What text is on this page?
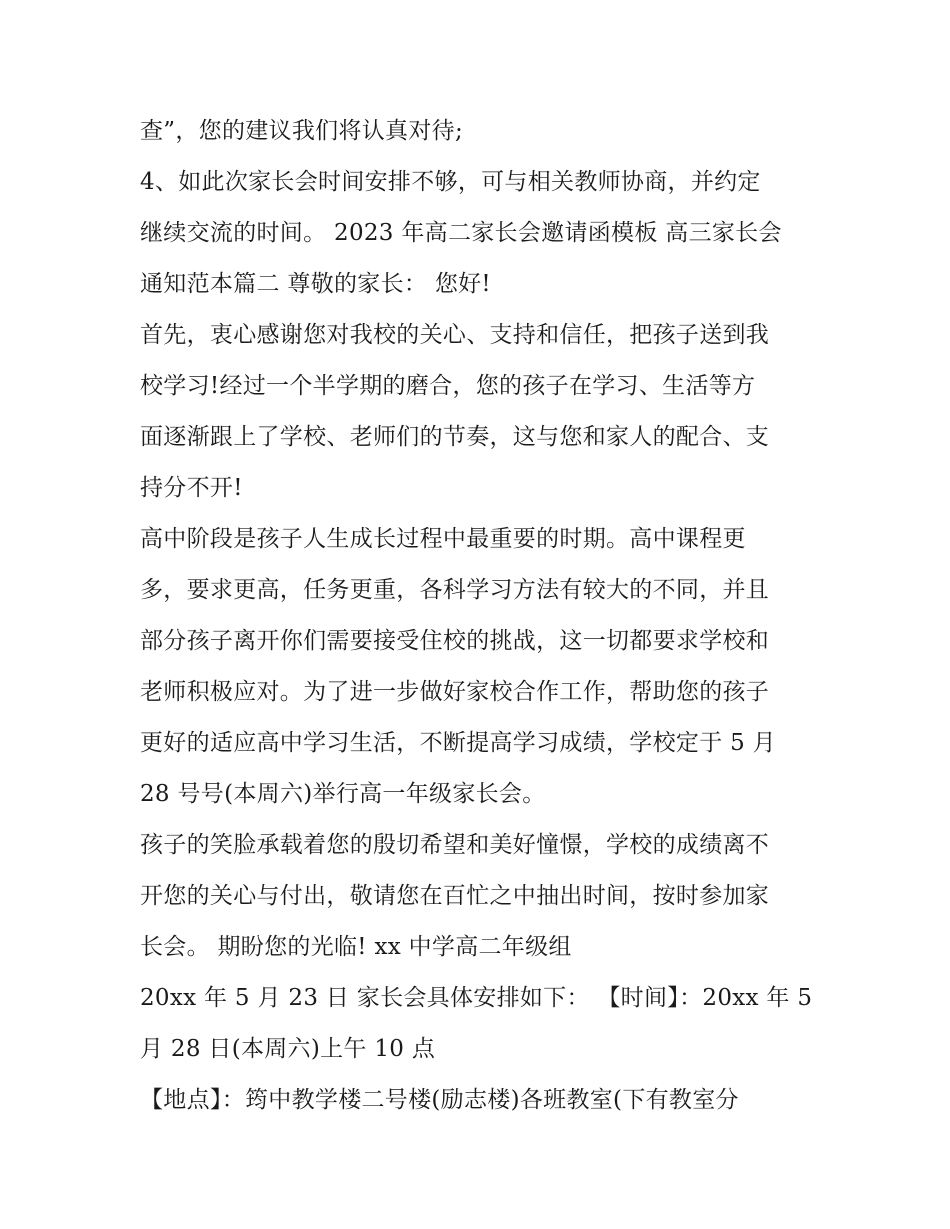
查”，您的建议我们将认真对待;
4、如此次家长会时间安排不够，可与相关教师协商，并约定
继续交流的时间。 2023 年高二家长会邀请函模板 高三家长会
通知范本篇二 尊敬的家长： 您好!
首先，衷心感谢您对我校的关心、支持和信任，把孩子送到我
校学习!经过一个半学期的磨合，您的孩子在学习、生活等方
面逐渐跟上了学校、老师们的节奏，这与您和家人的配合、支
持分不开!
高中阶段是孩子人生成长过程中最重要的时期。高中课程更
多，要求更高，任务更重，各科学习方法有较大的不同，并且
部分孩子离开你们需要接受住校的挑战，这一切都要求学校和
老师积极应对。为了进一步做好家校合作工作，帮助您的孩子
更好的适应高中学习生活，不断提高学习成绩，学校定于 5 月
28 号号(本周六)举行高一年级家长会。
孩子的笑脸承载着您的殷切希望和美好憧憬，学校的成绩离不
开您的关心与付出，敬请您在百忙之中抽出时间，按时参加家
长会。 期盼您的光临! xx 中学高二年级组
20xx 年 5 月 23 日 家长会具体安排如下： 【时间】：20xx 年 5
月 28 日(本周六)上午 10 点
【地点】：筠中教学楼二号楼(励志楼)各班教室(下有教室分
